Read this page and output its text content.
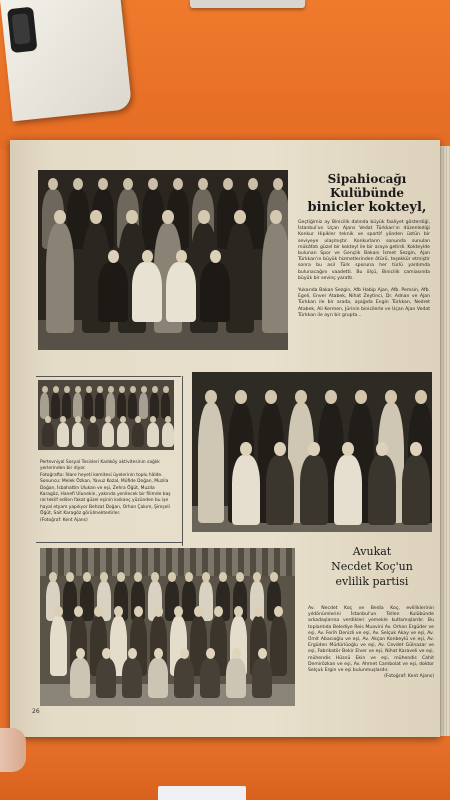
Sipahiocağı
Kulübünde
binicler kokteyl,
Geçtiğimiz ay Binicilik dalında büyük faaliyet gösterdiği, İstanbul'un Uçan Ajans Vedat Türkkan'ın düzenlediği Konkur Hipikler teknik ve sportif yönden üstün bir seviyeye ulaşmıştır. Konkurların sonunda sunulan mükâfatı güzel bir kokteyl ile bir araya getirdi. Kokteylde bulunan Spor ve Gençlik Bakanı İsmet Sezgin, Ajan Türkkan'ın büyük hizmetlerinden ötürü, teşekkür etmiştir sonra bu asil Türk sporuna her türlü yardımda bulunacağını vaadetti. Bu ölçü, Binicilik camiasında büyük bir sevinç yarattı.
Yukarıda Bakan Sezgin, Afb Habip Ajan, Afb. Pemsin, Afb. Egeli, Enver Atabek, Nihat Zeytinci, Dr. Adnan ve Ajan Türkkan ile bir arada, aşağıda Engin Türkkan, Nedret Atabek, Ali Kermen, Jürinin binicilerle ve Uçan Ajan Vedat Türkkan ile ayrı bir grupta...
Pertevniyal Sosyal Tesisleri Kadıköy aktivitesinin sağlık yerlerinden bir diyor.
Fotoğrafta: İdare heyeti komitesi üyelerinin toplu hâlde. Sonuncu: Melek Özkan, Yavuz Kozal, Müfide Doğan, Muzila Doğan, İsbahattin Ulukan ve eşi, Zehra Öğüt, Muzila Karagöz, Hanefi Ulunekin, yakında yenilecek bir filimde baş rol teklif edilen fakat güzel eşinin kıskanç yüzünden bu işe hayal etyam yapılıyor Behzat Doğan, Orhan Çakım, Şimşeli Öğüt, Sait Karagöz görülmektedirler.
(Fotoğraf: Kent Ajans)
Avukat
Necdet Koç'un
evlilik partisi
Av. Necdet Koç ve Bedia Koç, evliliklerinin yıldönümlerini İstanbul'un Tellen Kulübünde arkadaşlarına verdikleri yemekle kutlamışlardır. Bu toplantıda Belediye Reis Muavini Av. Orhan Ergüder ve eşi, Av. Ferih Denizli ve eşi, Av. Selçuk Akay ve eşi, Av. Ümit Abacıoğlu ve eşi, Av. Akçan Konbeylü ve eşi, Av. Ergüden Müdürlüoğlu ve eşi, Av. Cevdet Gülnazar ve eşi, Fabrikatör Bekir Elver ve eşi, Nihat Karaveli ve eşi, mühendis Hüsnü Ekin ve eşi, mühendis Cahit Demirözkan ve eşi, Av. Ahmet Cambolat ve eşi, doktor Selçuk Ergin ve eşi bulunmuşlardır.

(Fotoğraf: Kent Ajans)
26
